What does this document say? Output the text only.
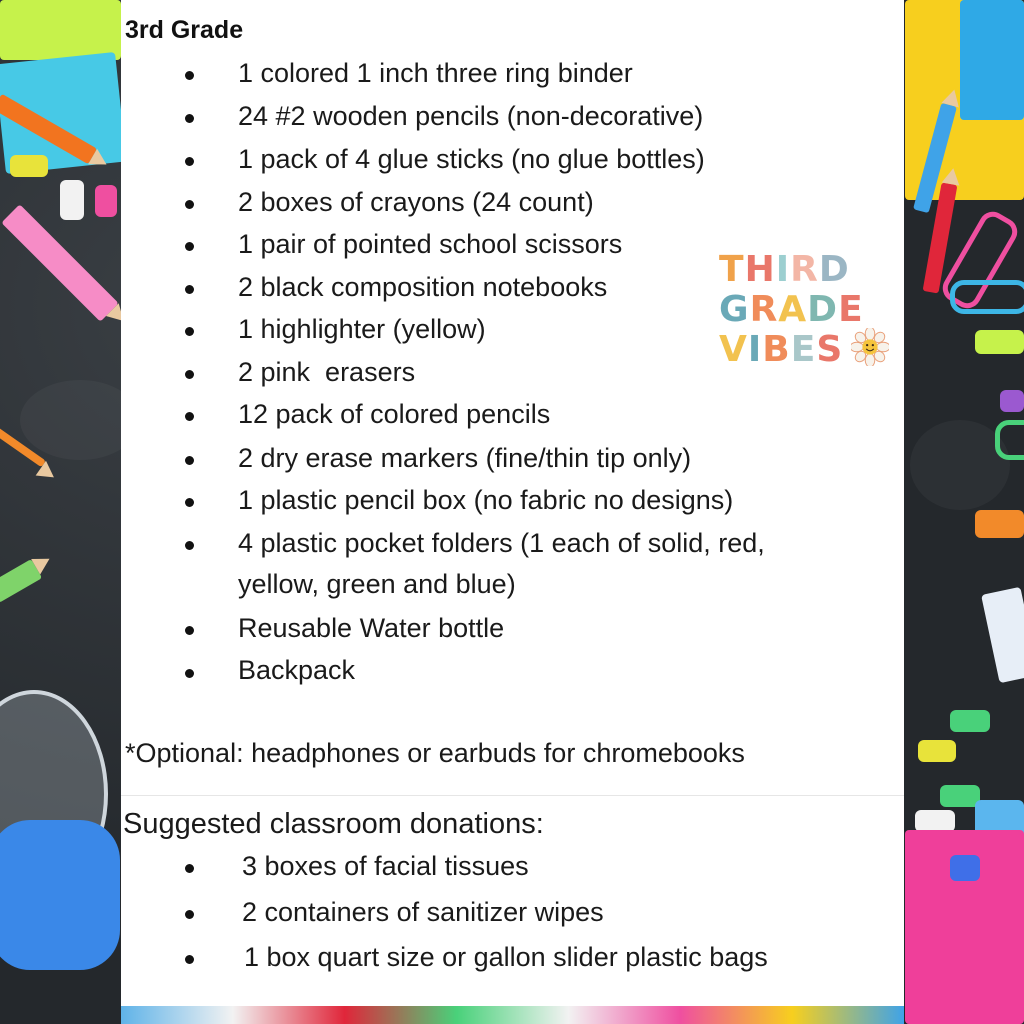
3rd Grade
1 colored 1 inch three ring binder
24 #2 wooden pencils (non-decorative)
1 pack of 4 glue sticks (no glue bottles)
2 boxes of crayons (24 count)
1 pair of pointed school scissors
2 black composition notebooks
1 highlighter (yellow)
2 pink  erasers
12 pack of colored pencils
2 dry erase markers (fine/thin tip only)
1 plastic pencil box (no fabric no designs)
4 plastic pocket folders (1 each of solid, red,
yellow, green and blue)
Reusable Water bottle
Backpack
*Optional: headphones or earbuds for chromebooks
Suggested classroom donations:
3 boxes of facial tissues
2 containers of sanitizer wipes
1 box quart size or gallon slider plastic bags
THIRD
GRADE
VIBES
